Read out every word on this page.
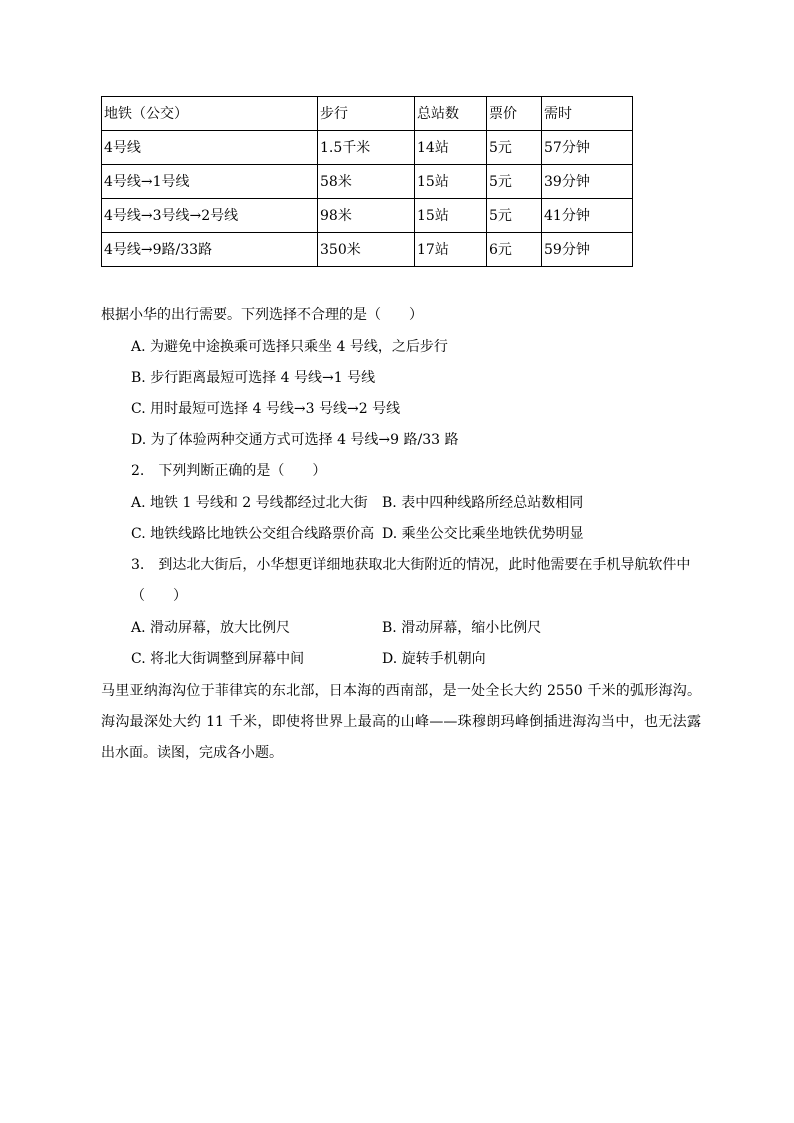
地铁（公交）	步行	总站数	票价	需时
4号线	1.5千米	14站	5元	57分钟
4号线→1号线	58米	15站	5元	39分钟
4号线→3号线→2号线	98米	15站	5元	41分钟
4号线→9路/33路	350米	17站	6元	59分钟
根据小华的出行需要。下列选择不合理的是（　　）
A. 为避免中途换乘可选择只乘坐 4 号线，之后步行
B. 步行距离最短可选择 4 号线→1 号线
C. 用时最短可选择 4 号线→3 号线→2 号线
D. 为了体验两种交通方式可选择 4 号线→9 路/33 路
2.　下列判断正确的是（　　）
A. 地铁 1 号线和 2 号线都经过北大街 B. 表中四种线路所经总站数相同
C. 地铁线路比地铁公交组合线路票价高 D. 乘坐公交比乘坐地铁优势明显
3.　到达北大街后，小华想更详细地获取北大街附近的情况，此时他需要在手机导航软件中
（　　）
A. 滑动屏幕，放大比例尺	B. 滑动屏幕，缩小比例尺
C. 将北大街调整到屏幕中间	D. 旋转手机朝向
马里亚纳海沟位于菲律宾的东北部，日本海的西南部，是一处全长大约 2550 千米的弧形海沟。海沟最深处大约 11 千米，即使将世界上最高的山峰——珠穆朗玛峰倒插进海沟当中，也无法露出水面。读图，完成各小题。
